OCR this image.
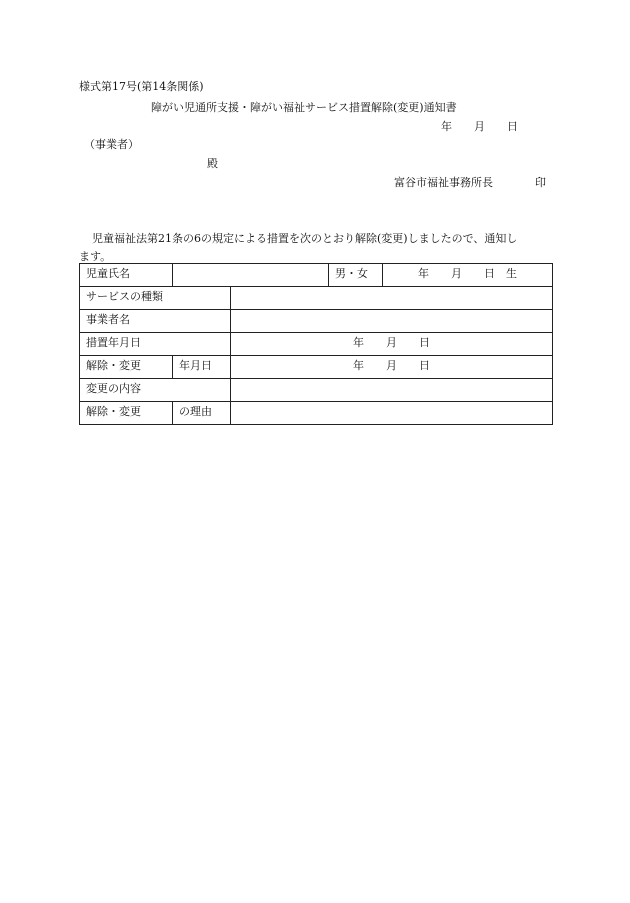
様式第17号(第14条関係)
障がい児通所支援・障がい福祉サービス措置解除(変更)通知書
年　　月　　日
（事業者）
殿
富谷市福祉事務所長	印
児童福祉法第21条の6の規定による措置を次のとおり解除(変更)しましたので、通知し
ます。
児童氏名			男・女	年　　月　　日　生
サービスの種類				
事業者名				
措置年月日		年　　月　　日		
解除・変更	年月日	年　　月　　日		
変更の内容				
解除・変更	の理由			
